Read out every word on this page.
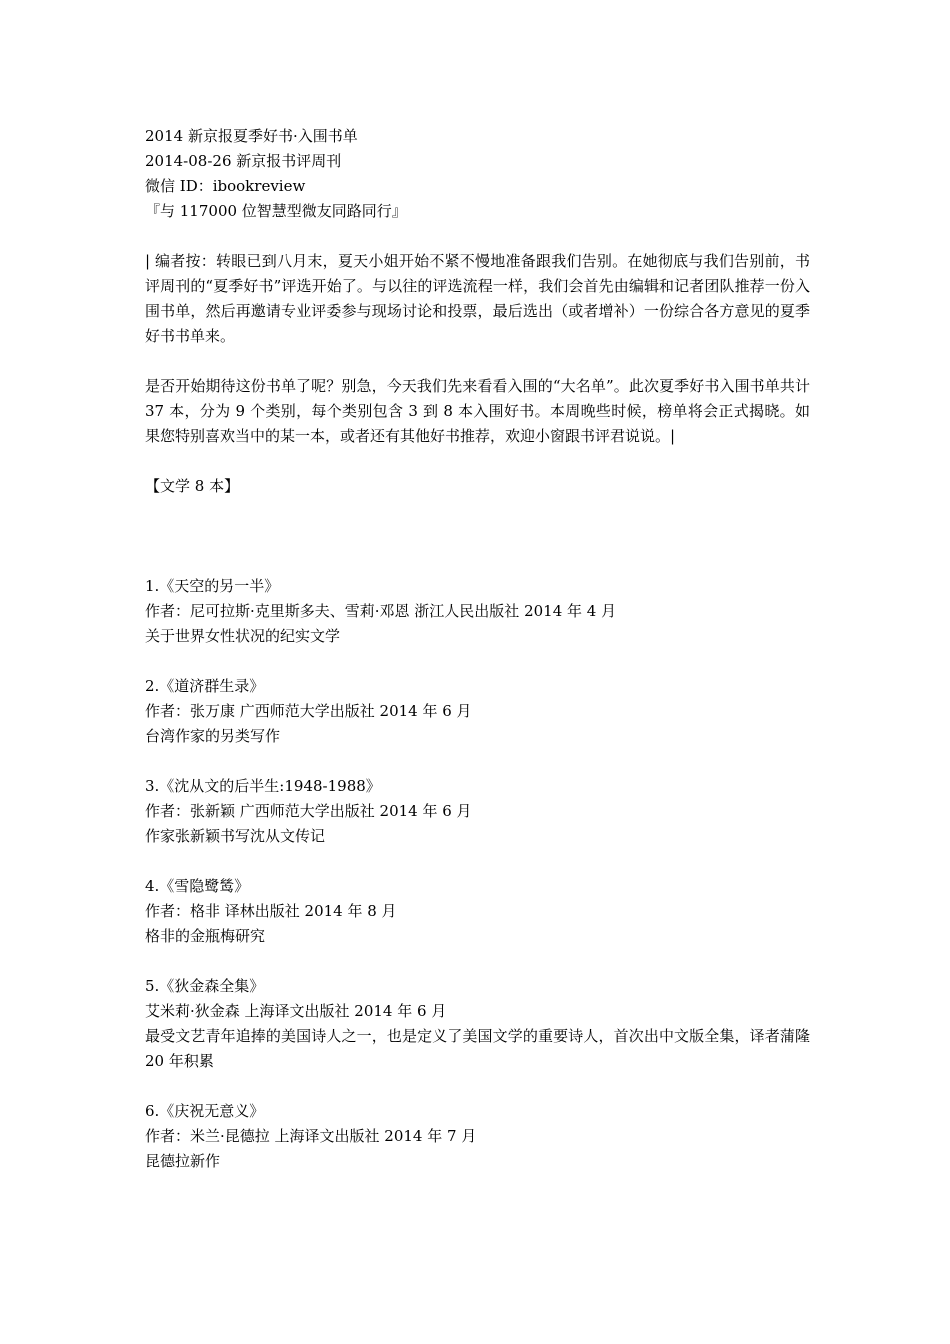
2014 新京报夏季好书·入围书单
2014-08-26 新京报书评周刊
微信 ID：ibookreview
『与 117000 位智慧型微友同路同行』
| 编者按：转眼已到八月末，夏天小姐开始不紧不慢地准备跟我们告别。在她彻底与我们告别前，书评周刊的“夏季好书”评选开始了。与以往的评选流程一样，我们会首先由编辑和记者团队推荐一份入围书单，然后再邀请专业评委参与现场讨论和投票，最后选出（或者增补）一份综合各方意见的夏季好书书单来。
是否开始期待这份书单了呢？别急，今天我们先来看看入围的“大名单”。此次夏季好书入围书单共计 37 本，分为 9 个类别，每个类别包含 3 到 8 本入围好书。本周晚些时候，榜单将会正式揭晓。如果您特别喜欢当中的某一本，或者还有其他好书推荐，欢迎小窗跟书评君说说。|
【文学 8 本】
1.《天空的另一半》
作者：尼可拉斯·克里斯多夫、雪莉·邓恩 浙江人民出版社 2014 年 4 月
关于世界女性状况的纪实文学
2.《道济群生录》
作者：张万康 广西师范大学出版社 2014 年 6 月
台湾作家的另类写作
3.《沈从文的后半生:1948-1988》
作者：张新颖 广西师范大学出版社 2014 年 6 月
作家张新颖书写沈从文传记
4.《雪隐鹭鸶》
作者：格非 译林出版社 2014 年 8 月
格非的金瓶梅研究
5.《狄金森全集》
艾米莉·狄金森 上海译文出版社 2014 年 6 月
最受文艺青年追捧的美国诗人之一，也是定义了美国文学的重要诗人，首次出中文版全集，译者蒲隆 20 年积累
6.《庆祝无意义》
作者：米兰·昆德拉 上海译文出版社 2014 年 7 月
昆德拉新作
